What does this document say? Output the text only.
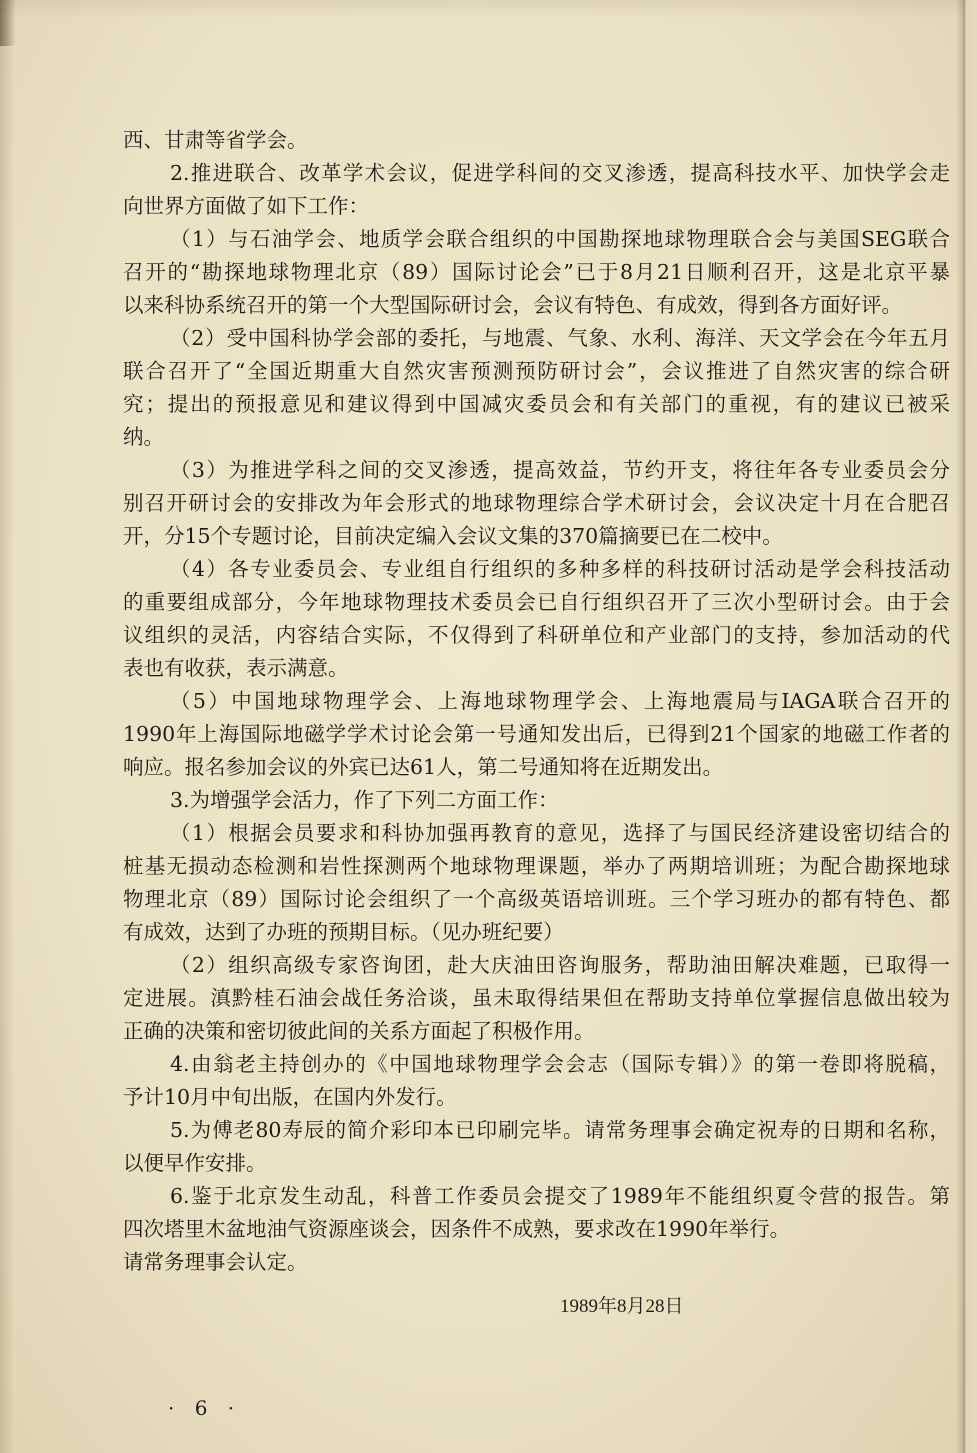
西、甘肃等省学会。
2.推进联合、改革学术会议，促进学科间的交叉渗透，提高科技水平、加快学会走
向世界方面做了如下工作：
（1）与石油学会、地质学会联合组织的中国勘探地球物理联合会与美国SEG联合
召开的“勘探地球物理北京（89）国际讨论会”已于8月21日顺利召开，这是北京平暴
以来科协系统召开的第一个大型国际研讨会，会议有特色、有成效，得到各方面好评。
（2）受中国科协学会部的委托，与地震、气象、水利、海洋、天文学会在今年五月
联合召开了“全国近期重大自然灾害预测预防研讨会”，会议推进了自然灾害的综合研
究；提出的预报意见和建议得到中国减灾委员会和有关部门的重视，有的建议已被采
纳。
（3）为推进学科之间的交叉渗透，提高效益，节约开支，将往年各专业委员会分
别召开研讨会的安排改为年会形式的地球物理综合学术研讨会，会议决定十月在合肥召
开，分15个专题讨论，目前决定编入会议文集的370篇摘要已在二校中。
（4）各专业委员会、专业组自行组织的多种多样的科技研讨活动是学会科技活动
的重要组成部分，今年地球物理技术委员会已自行组织召开了三次小型研讨会。由于会
议组织的灵活，内容结合实际，不仅得到了科研单位和产业部门的支持，参加活动的代
表也有收获，表示满意。
（5）中国地球物理学会、上海地球物理学会、上海地震局与IAGA联合召开的
1990年上海国际地磁学学术讨论会第一号通知发出后，已得到21个国家的地磁工作者的
响应。报名参加会议的外宾已达61人，第二号通知将在近期发出。
3.为增强学会活力，作了下列二方面工作：
（1）根据会员要求和科协加强再教育的意见，选择了与国民经济建设密切结合的
桩基无损动态检测和岩性探测两个地球物理课题，举办了两期培训班；为配合勘探地球
物理北京（89）国际讨论会组织了一个高级英语培训班。三个学习班办的都有特色、都
有成效，达到了办班的预期目标。（见办班纪要）
（2）组织高级专家咨询团，赴大庆油田咨询服务，帮助油田解决难题，已取得一
定进展。滇黔桂石油会战任务洽谈，虽未取得结果但在帮助支持单位掌握信息做出较为
正确的决策和密切彼此间的关系方面起了积极作用。
4.由翁老主持创办的《中国地球物理学会会志（国际专辑）》的第一卷即将脱稿，
予计10月中旬出版，在国内外发行。
5.为傅老80寿辰的简介彩印本已印刷完毕。请常务理事会确定祝寿的日期和名称，
以便早作安排。
6.鉴于北京发生动乱，科普工作委员会提交了1989年不能组织夏令营的报告。第
四次塔里木盆地油气资源座谈会，因条件不成熟，要求改在1990年举行。
请常务理事会认定。
1989年8月28日
· 6 ·
